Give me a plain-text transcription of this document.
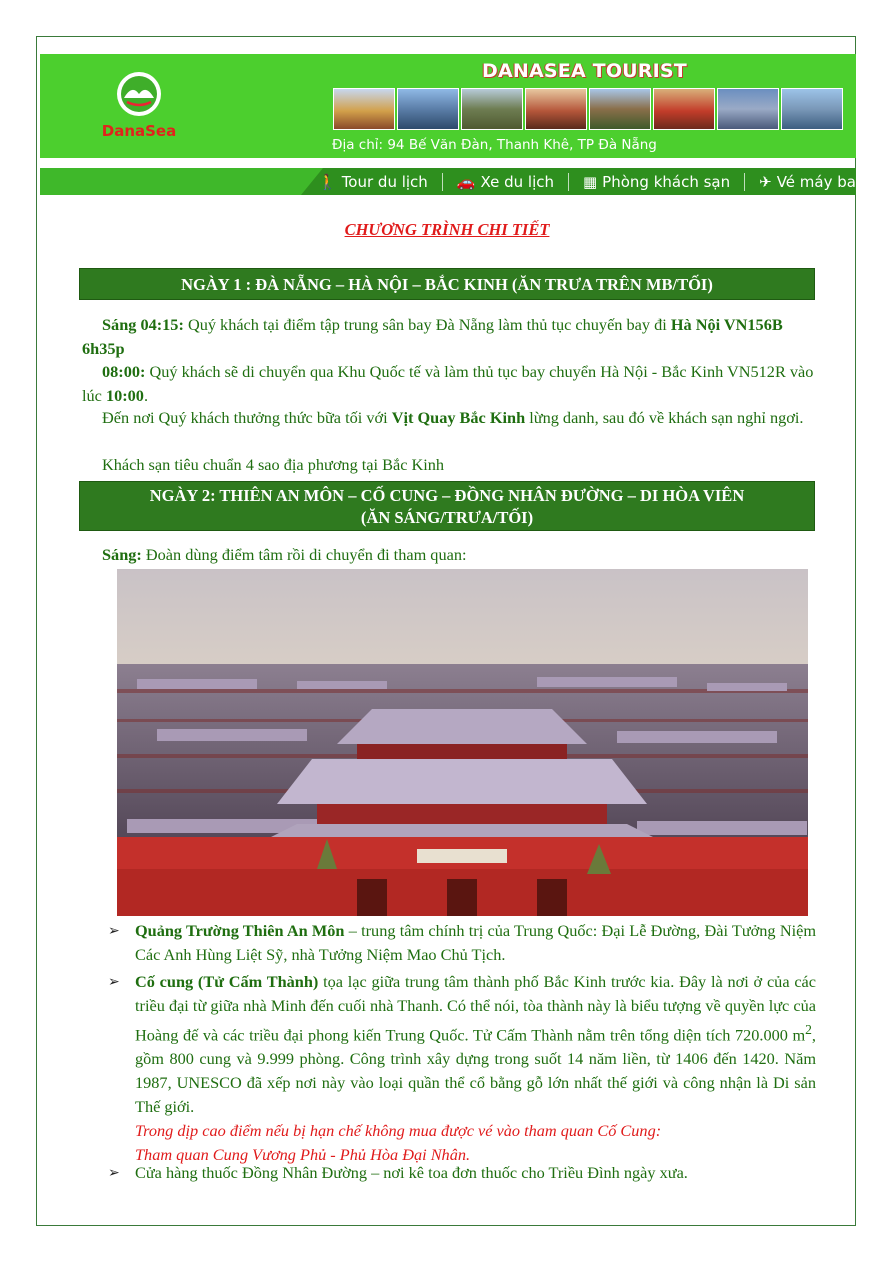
DanaSea
DANASEA TOURIST
Địa chỉ: 94 Bế Văn Đàn, Thanh Khê, TP Đà Nẵng
🚶 Tour du lịch 🚗 Xe du lịch ▦ Phòng khách sạn ✈ Vé máy bay
CHƯƠNG TRÌNH CHI TIẾT
NGÀY 1 : ĐÀ NẴNG – HÀ NỘI – BẮC KINH (ĂN TRƯA TRÊN MB/TỐI)
Sáng 04:15: Quý khách tại điểm tập trung sân bay Đà Nẵng làm thủ tục chuyến bay đi Hà Nội VN156B 6h35p
08:00: Quý khách sẽ di chuyển qua Khu Quốc tế và làm thủ tục bay chuyển Hà Nội - Bắc Kinh VN512R vào lúc 10:00.
Đến nơi Quý khách thưởng thức bữa tối với Vịt Quay Bắc Kinh lừng danh, sau đó về khách sạn nghỉ ngơi.
Khách sạn tiêu chuẩn 4 sao địa phương tại Bắc Kinh
NGÀY 2: THIÊN AN MÔN – CỐ CUNG – ĐỒNG NHÂN ĐƯỜNG – DI HÒA VIÊN
(ĂN SÁNG/TRƯA/TỐI)
Sáng: Đoàn dùng điểm tâm rồi di chuyển đi tham quan:
➢ Quảng Trường Thiên An Môn – trung tâm chính trị của Trung Quốc: Đại Lễ Đường, Đài Tưởng Niệm Các Anh Hùng Liệt Sỹ, nhà Tưởng Niệm Mao Chủ Tịch.
➢ Cố cung (Tử Cấm Thành) tọa lạc giữa trung tâm thành phố Bắc Kinh trước kia. Đây là nơi ở của các triều đại từ giữa nhà Minh đến cuối nhà Thanh. Có thể nói, tòa thành này là biểu tượng về quyền lực của Hoàng đế và các triều đại phong kiến Trung Quốc. Tử Cấm Thành nằm trên tổng diện tích 720.000 $m^2$, gồm 800 cung và 9.999 phòng. Công trình xây dựng trong suốt 14 năm liền, từ 1406 đến 1420. Năm 1987, UNESCO đã xếp nơi này vào loại quần thể cổ bằng gỗ lớn nhất thế giới và công nhận là Di sản Thế giới.
Trong dịp cao điểm nếu bị hạn chế không mua được vé vào tham quan Cố Cung:
Tham quan Cung Vương Phủ - Phủ Hòa Đại Nhân.
➢ Cửa hàng thuốc Đồng Nhân Đường – nơi kê toa đơn thuốc cho Triều Đình ngày xưa.
